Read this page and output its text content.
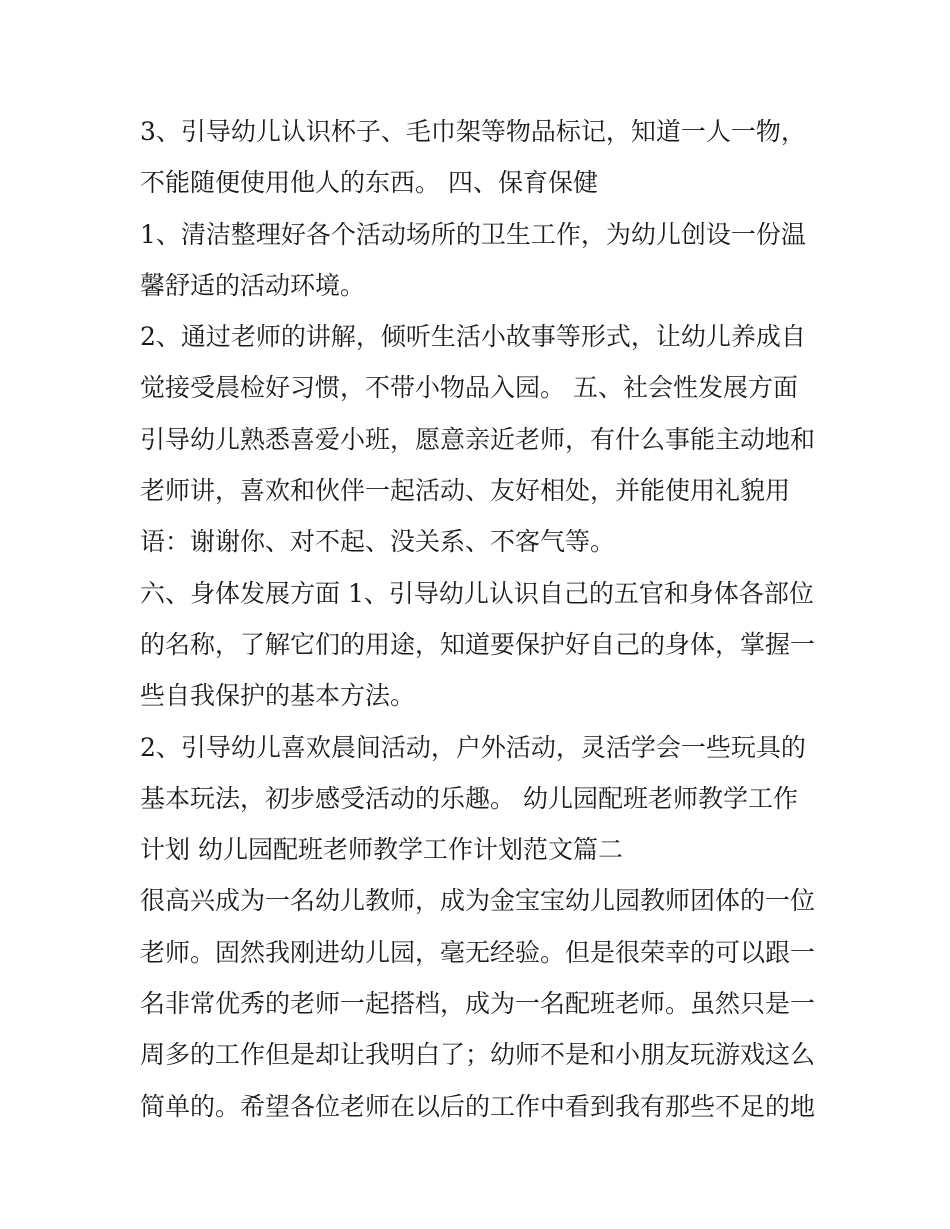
3、引导幼儿认识杯子、毛巾架等物品标记，知道一人一物，
不能随便使用他人的东西。 四、保育保健
1、清洁整理好各个活动场所的卫生工作，为幼儿创设一份温
馨舒适的活动环境。
2、通过老师的讲解，倾听生活小故事等形式，让幼儿养成自
觉接受晨检好习惯，不带小物品入园。 五、社会性发展方面
引导幼儿熟悉喜爱小班，愿意亲近老师，有什么事能主动地和
老师讲，喜欢和伙伴一起活动、友好相处，并能使用礼貌用
语：谢谢你、对不起、没关系、不客气等。
六、身体发展方面 1、引导幼儿认识自己的五官和身体各部位
的名称，了解它们的用途，知道要保护好自己的身体，掌握一
些自我保护的基本方法。
2、引导幼儿喜欢晨间活动，户外活动，灵活学会一些玩具的
基本玩法，初步感受活动的乐趣。 幼儿园配班老师教学工作
计划 幼儿园配班老师教学工作计划范文篇二
很高兴成为一名幼儿教师，成为金宝宝幼儿园教师团体的一位
老师。固然我刚进幼儿园，毫无经验。但是很荣幸的可以跟一
名非常优秀的老师一起搭档，成为一名配班老师。虽然只是一
周多的工作但是却让我明白了；幼师不是和小朋友玩游戏这么
简单的。希望各位老师在以后的工作中看到我有那些不足的地
